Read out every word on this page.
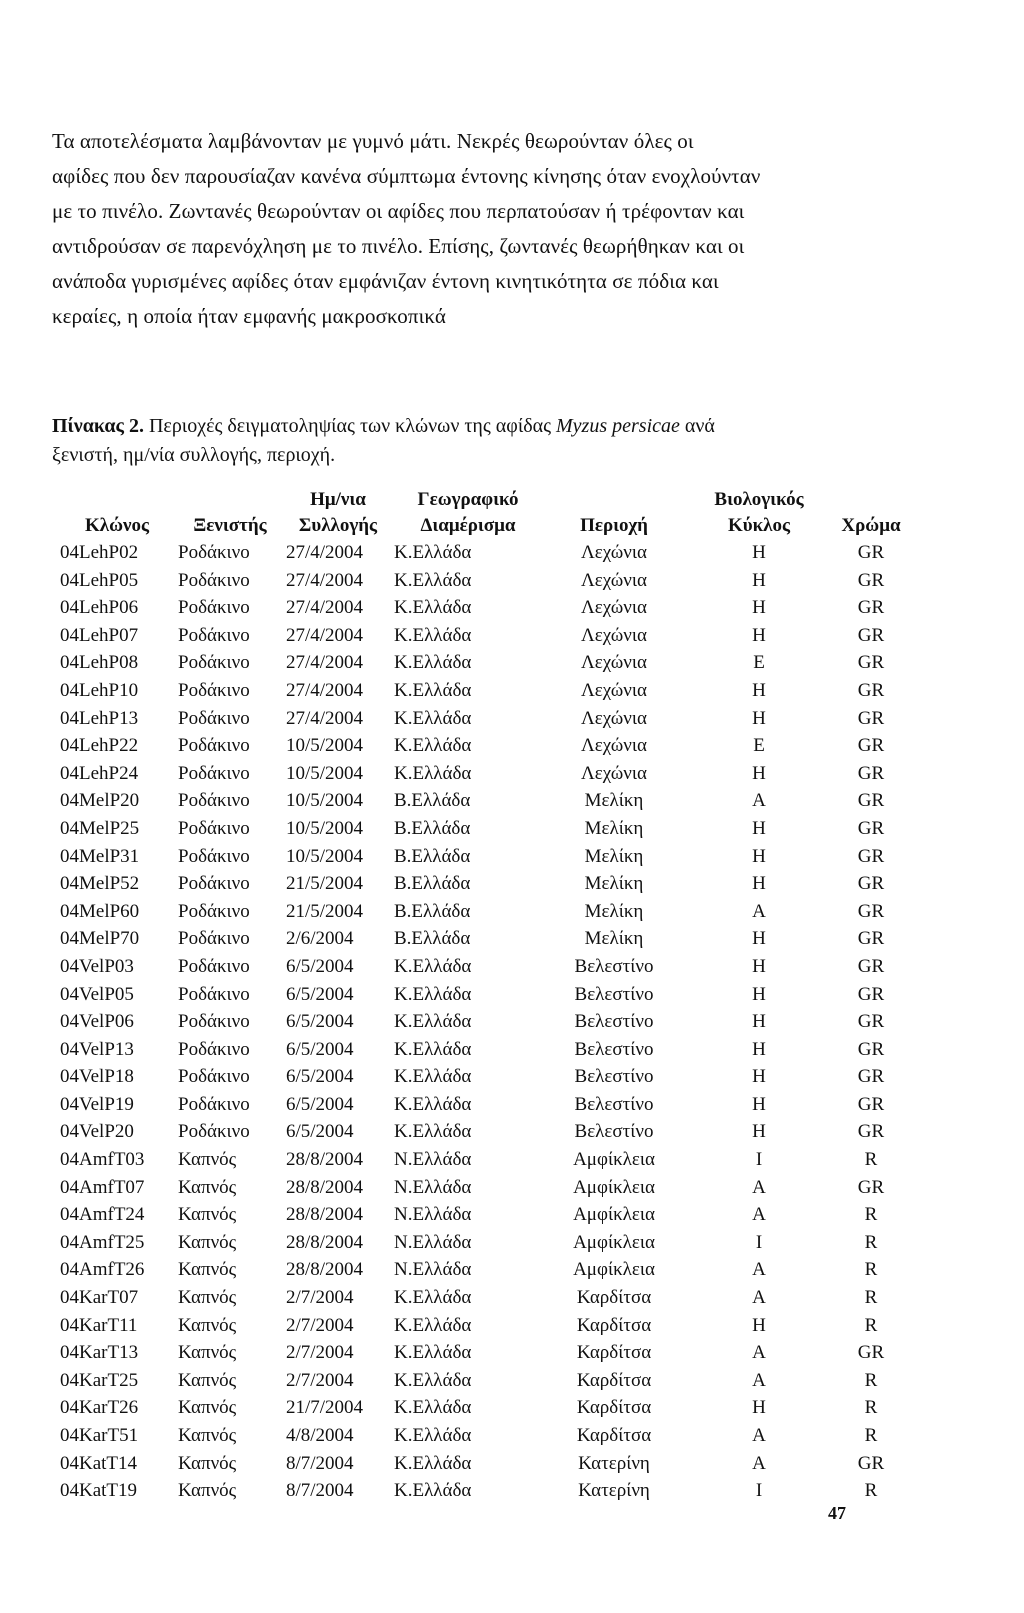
Τα αποτελέσματα λαμβάνονταν με γυμνό μάτι. Νεκρές θεωρούνταν όλες οι
αφίδες που δεν παρουσίαζαν κανένα σύμπτωμα έντονης κίνησης όταν ενοχλούνταν
με το πινέλο. Ζωντανές θεωρούνταν οι αφίδες που περπατούσαν ή τρέφονταν και
αντιδρούσαν σε παρενόχληση με το πινέλο. Επίσης, ζωντανές θεωρήθηκαν και οι
ανάποδα γυρισμένες αφίδες όταν εμφάνιζαν έντονη κινητικότητα σε πόδια και
κεραίες, η οποία ήταν εμφανής μακροσκοπικά
Πίνακας 2. Περιοχές δειγματοληψίας των κλώνων της αφίδας Myzus persicae ανά
ξενιστή, ημ/νία συλλογής, περιοχή.
		Ημ/νια	Γεωγραφικό		Βιολογικός	
Κλώνος	Ξενιστής	Συλλογής	Διαμέρισμα	Περιοχή	Κύκλος	Χρώμα
04LehP02	Ροδάκινο	27/4/2004	Κ.Ελλάδα	Λεχώνια	Η	GR
04LehP05	Ροδάκινο	27/4/2004	Κ.Ελλάδα	Λεχώνια	Η	GR
04LehP06	Ροδάκινο	27/4/2004	Κ.Ελλάδα	Λεχώνια	Η	GR
04LehP07	Ροδάκινο	27/4/2004	Κ.Ελλάδα	Λεχώνια	Η	GR
04LehP08	Ροδάκινο	27/4/2004	Κ.Ελλάδα	Λεχώνια	Ε	GR
04LehP10	Ροδάκινο	27/4/2004	Κ.Ελλάδα	Λεχώνια	Η	GR
04LehP13	Ροδάκινο	27/4/2004	Κ.Ελλάδα	Λεχώνια	Η	GR
04LehP22	Ροδάκινο	10/5/2004	Κ.Ελλάδα	Λεχώνια	Ε	GR
04LehP24	Ροδάκινο	10/5/2004	Κ.Ελλάδα	Λεχώνια	Η	GR
04MelP20	Ροδάκινο	10/5/2004	Β.Ελλάδα	Μελίκη	Α	GR
04MelP25	Ροδάκινο	10/5/2004	Β.Ελλάδα	Μελίκη	Η	GR
04MelP31	Ροδάκινο	10/5/2004	Β.Ελλάδα	Μελίκη	Η	GR
04MelP52	Ροδάκινο	21/5/2004	Β.Ελλάδα	Μελίκη	Η	GR
04MelP60	Ροδάκινο	21/5/2004	Β.Ελλάδα	Μελίκη	Α	GR
04MelP70	Ροδάκινο	2/6/2004	Β.Ελλάδα	Μελίκη	Η	GR
04VelP03	Ροδάκινο	6/5/2004	Κ.Ελλάδα	Βελεστίνο	Η	GR
04VelP05	Ροδάκινο	6/5/2004	Κ.Ελλάδα	Βελεστίνο	Η	GR
04VelP06	Ροδάκινο	6/5/2004	Κ.Ελλάδα	Βελεστίνο	Η	GR
04VelP13	Ροδάκινο	6/5/2004	Κ.Ελλάδα	Βελεστίνο	Η	GR
04VelP18	Ροδάκινο	6/5/2004	Κ.Ελλάδα	Βελεστίνο	Η	GR
04VelP19	Ροδάκινο	6/5/2004	Κ.Ελλάδα	Βελεστίνο	Η	GR
04VelP20	Ροδάκινο	6/5/2004	Κ.Ελλάδα	Βελεστίνο	Η	GR
04AmfT03	Καπνός	28/8/2004	Ν.Ελλάδα	Αμφίκλεια	Ι	R
04AmfT07	Καπνός	28/8/2004	Ν.Ελλάδα	Αμφίκλεια	Α	GR
04AmfT24	Καπνός	28/8/2004	Ν.Ελλάδα	Αμφίκλεια	Α	R
04AmfT25	Καπνός	28/8/2004	Ν.Ελλάδα	Αμφίκλεια	Ι	R
04AmfT26	Καπνός	28/8/2004	Ν.Ελλάδα	Αμφίκλεια	Α	R
04KarT07	Καπνός	2/7/2004	Κ.Ελλάδα	Καρδίτσα	Α	R
04KarT11	Καπνός	2/7/2004	Κ.Ελλάδα	Καρδίτσα	Η	R
04KarT13	Καπνός	2/7/2004	Κ.Ελλάδα	Καρδίτσα	Α	GR
04KarT25	Καπνός	2/7/2004	Κ.Ελλάδα	Καρδίτσα	Α	R
04KarT26	Καπνός	21/7/2004	Κ.Ελλάδα	Καρδίτσα	Η	R
04KarT51	Καπνός	4/8/2004	Κ.Ελλάδα	Καρδίτσα	Α	R
04KatT14	Καπνός	8/7/2004	Κ.Ελλάδα	Κατερίνη	Α	GR
04KatT19	Καπνός	8/7/2004	Κ.Ελλάδα	Κατερίνη	Ι	R
47
